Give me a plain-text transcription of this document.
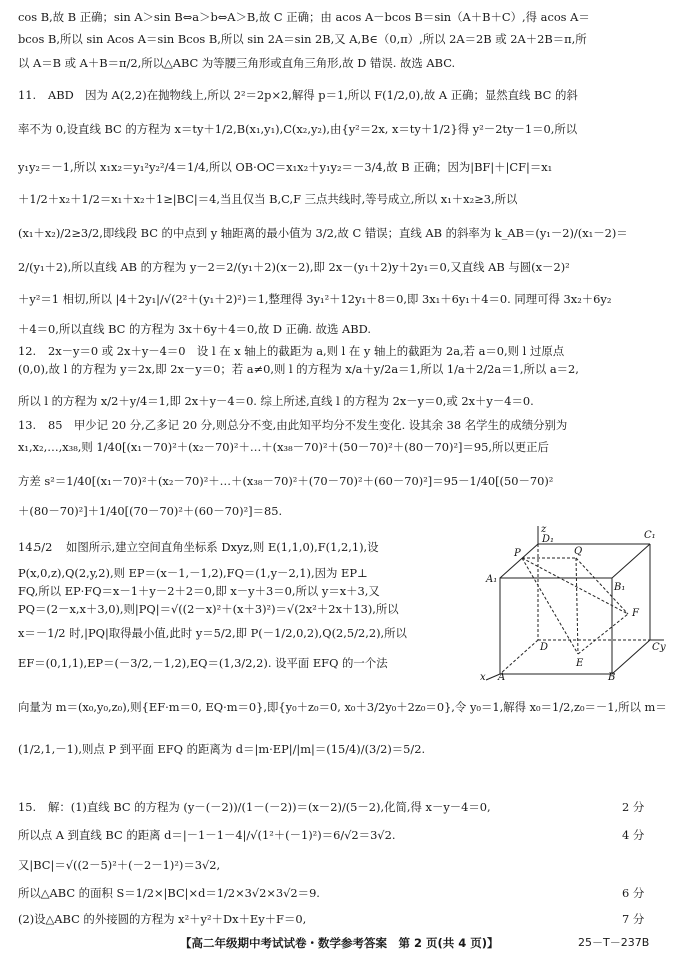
cos B,故 B 正确；sin A＞sin B⇔a＞b⇔A＞B,故 C 正确；由 acos A－bcos B＝sin（A＋B＋C）,得 acos A＝
bcos B,所以 sin Acos A＝sin Bcos B,所以 sin 2A＝sin 2B,又 A,B∈（0,π）,所以 2A＝2B 或 2A＋2B＝π,所
以 A＝B 或 A＋B＝π/2,所以△ABC 为等腰三角形或直角三角形,故 D 错误. 故选 ABC.
11. ABD　因为 A(2,2)在抛物线上,所以 2²＝2p×2,解得 p＝1,所以 F(1/2,0),故 A 正确；显然直线 BC 的斜
率不为 0,设直线 BC 的方程为 x＝ty＋1/2,B(x₁,y₁),C(x₂,y₂),由{y²＝2x, x＝ty＋1/2}得 y²－2ty－1＝0,所以
y₁y₂＝－1,所以 x₁x₂＝y₁²y₂²/4＝1/4,所以 OB·OC＝x₁x₂＋y₁y₂＝－3/4,故 B 正确；因为|BF|＋|CF|＝x₁
＋1/2＋x₂＋1/2＝x₁＋x₂＋1≥|BC|＝4,当且仅当 B,C,F 三点共线时,等号成立,所以 x₁＋x₂≥3,所以
(x₁＋x₂)/2≥3/2,即线段 BC 的中点到 y 轴距离的最小值为 3/2,故 C 错误；直线 AB 的斜率为 k_AB＝(y₁－2)/(x₁－2)＝
2/(y₁＋2),所以直线 AB 的方程为 y－2＝2/(y₁＋2)(x－2),即 2x－(y₁＋2)y＋2y₁＝0,又直线 AB 与圆(x－2)²
＋y²＝1 相切,所以 |4＋2y₁|/√(2²＋(y₁＋2)²)＝1,整理得 3y₁²＋12y₁＋8＝0,即 3x₁＋6y₁＋4＝0. 同理可得 3x₂＋6y₂
＋4＝0,所以直线 BC 的方程为 3x＋6y＋4＝0,故 D 正确. 故选 ABD.
12. 2x－y＝0 或 2x＋y－4＝0　设 l 在 x 轴上的截距为 a,则 l 在 y 轴上的截距为 2a,若 a＝0,则 l 过原点
(0,0),故 l 的方程为 y＝2x,即 2x－y＝0；若 a≠0,则 l 的方程为 x/a＋y/2a＝1,所以 1/a＋2/2a＝1,所以 a＝2,
所以 l 的方程为 x/2＋y/4＝1,即 2x＋y－4＝0. 综上所述,直线 l 的方程为 2x－y＝0,或 2x＋y－4＝0.
13. 85　甲少记 20 分,乙多记 20 分,则总分不变,由此知平均分不发生变化. 设其余 38 名学生的成绩分别为
x₁,x₂,…,x₃₈,则 1/40[(x₁－70)²＋(x₂－70)²＋…＋(x₃₈－70)²＋(50－70)²＋(80－70)²]＝95,所以更正后
方差 s²＝1/40[(x₁－70)²＋(x₂－70)²＋…＋(x₃₈－70)²＋(70－70)²＋(60－70)²]＝95－1/40[(50－70)²
＋(80－70)²]＋1/40[(70－70)²＋(60－70)²]＝85.
14.
5/2 如图所示,建立空间直角坐标系 Dxyz,则 E(1,1,0),F(1,2,1),设
P(x,0,z),Q(2,y,2),则 EP＝(x－1,－1,2),FQ＝(1,y－2,1),因为 EP⊥
FQ,所以 EP·FQ＝x－1＋y－2＋2＝0,即 x－y＋3＝0,所以 y＝x＋3,又
PQ＝(2－x,x＋3,0),则|PQ|＝√((2－x)²＋(x＋3)²)＝√(2x²＋2x＋13),所以
x＝－1/2 时,|PQ|取得最小值,此时 y＝5/2,即 P(－1/2,0,2),Q(2,5/2,2),所以
EF＝(0,1,1),EP＝(－3/2,－1,2),EQ＝(1,3/2,2). 设平面 EFQ 的一个法
向量为 m＝(x₀,y₀,z₀),则{EF·m＝0, EQ·m＝0},即{y₀＋z₀＝0, x₀＋3/2y₀＋2z₀＝0},令 y₀＝1,解得 x₀＝1/2,z₀＝－1,所以 m＝
(1/2,1,－1),则点 P 到平面 EFQ 的距离为 d＝|m·EP|/|m|＝(15/4)/(3/2)＝5/2.
z
D₁	C₁
P	Q
A₁
B₁
F
D
E
C y
x A	B
15. 解：(1)直线 BC 的方程为 (y－(－2))/(1－(－2))＝(x－2)/(5－2),化简,得 x－y－4＝0,
所以点 A 到直线 BC 的距离 d＝|－1－1－4|/√(1²＋(－1)²)＝6/√2＝3√2.
又|BC|＝√((2－5)²＋(－2－1)²)＝3√2,
所以△ABC 的面积 S＝1/2×|BC|×d＝1/2×3√2×3√2＝9.
(2)设△ABC 的外接圆的方程为 x²＋y²＋Dx＋Ey＋F＝0,
2 分
4 分
6 分
7 分
【高二年级期中考试试卷・数学参考答案　第 2 页(共 4 页)】	25－T－237B
